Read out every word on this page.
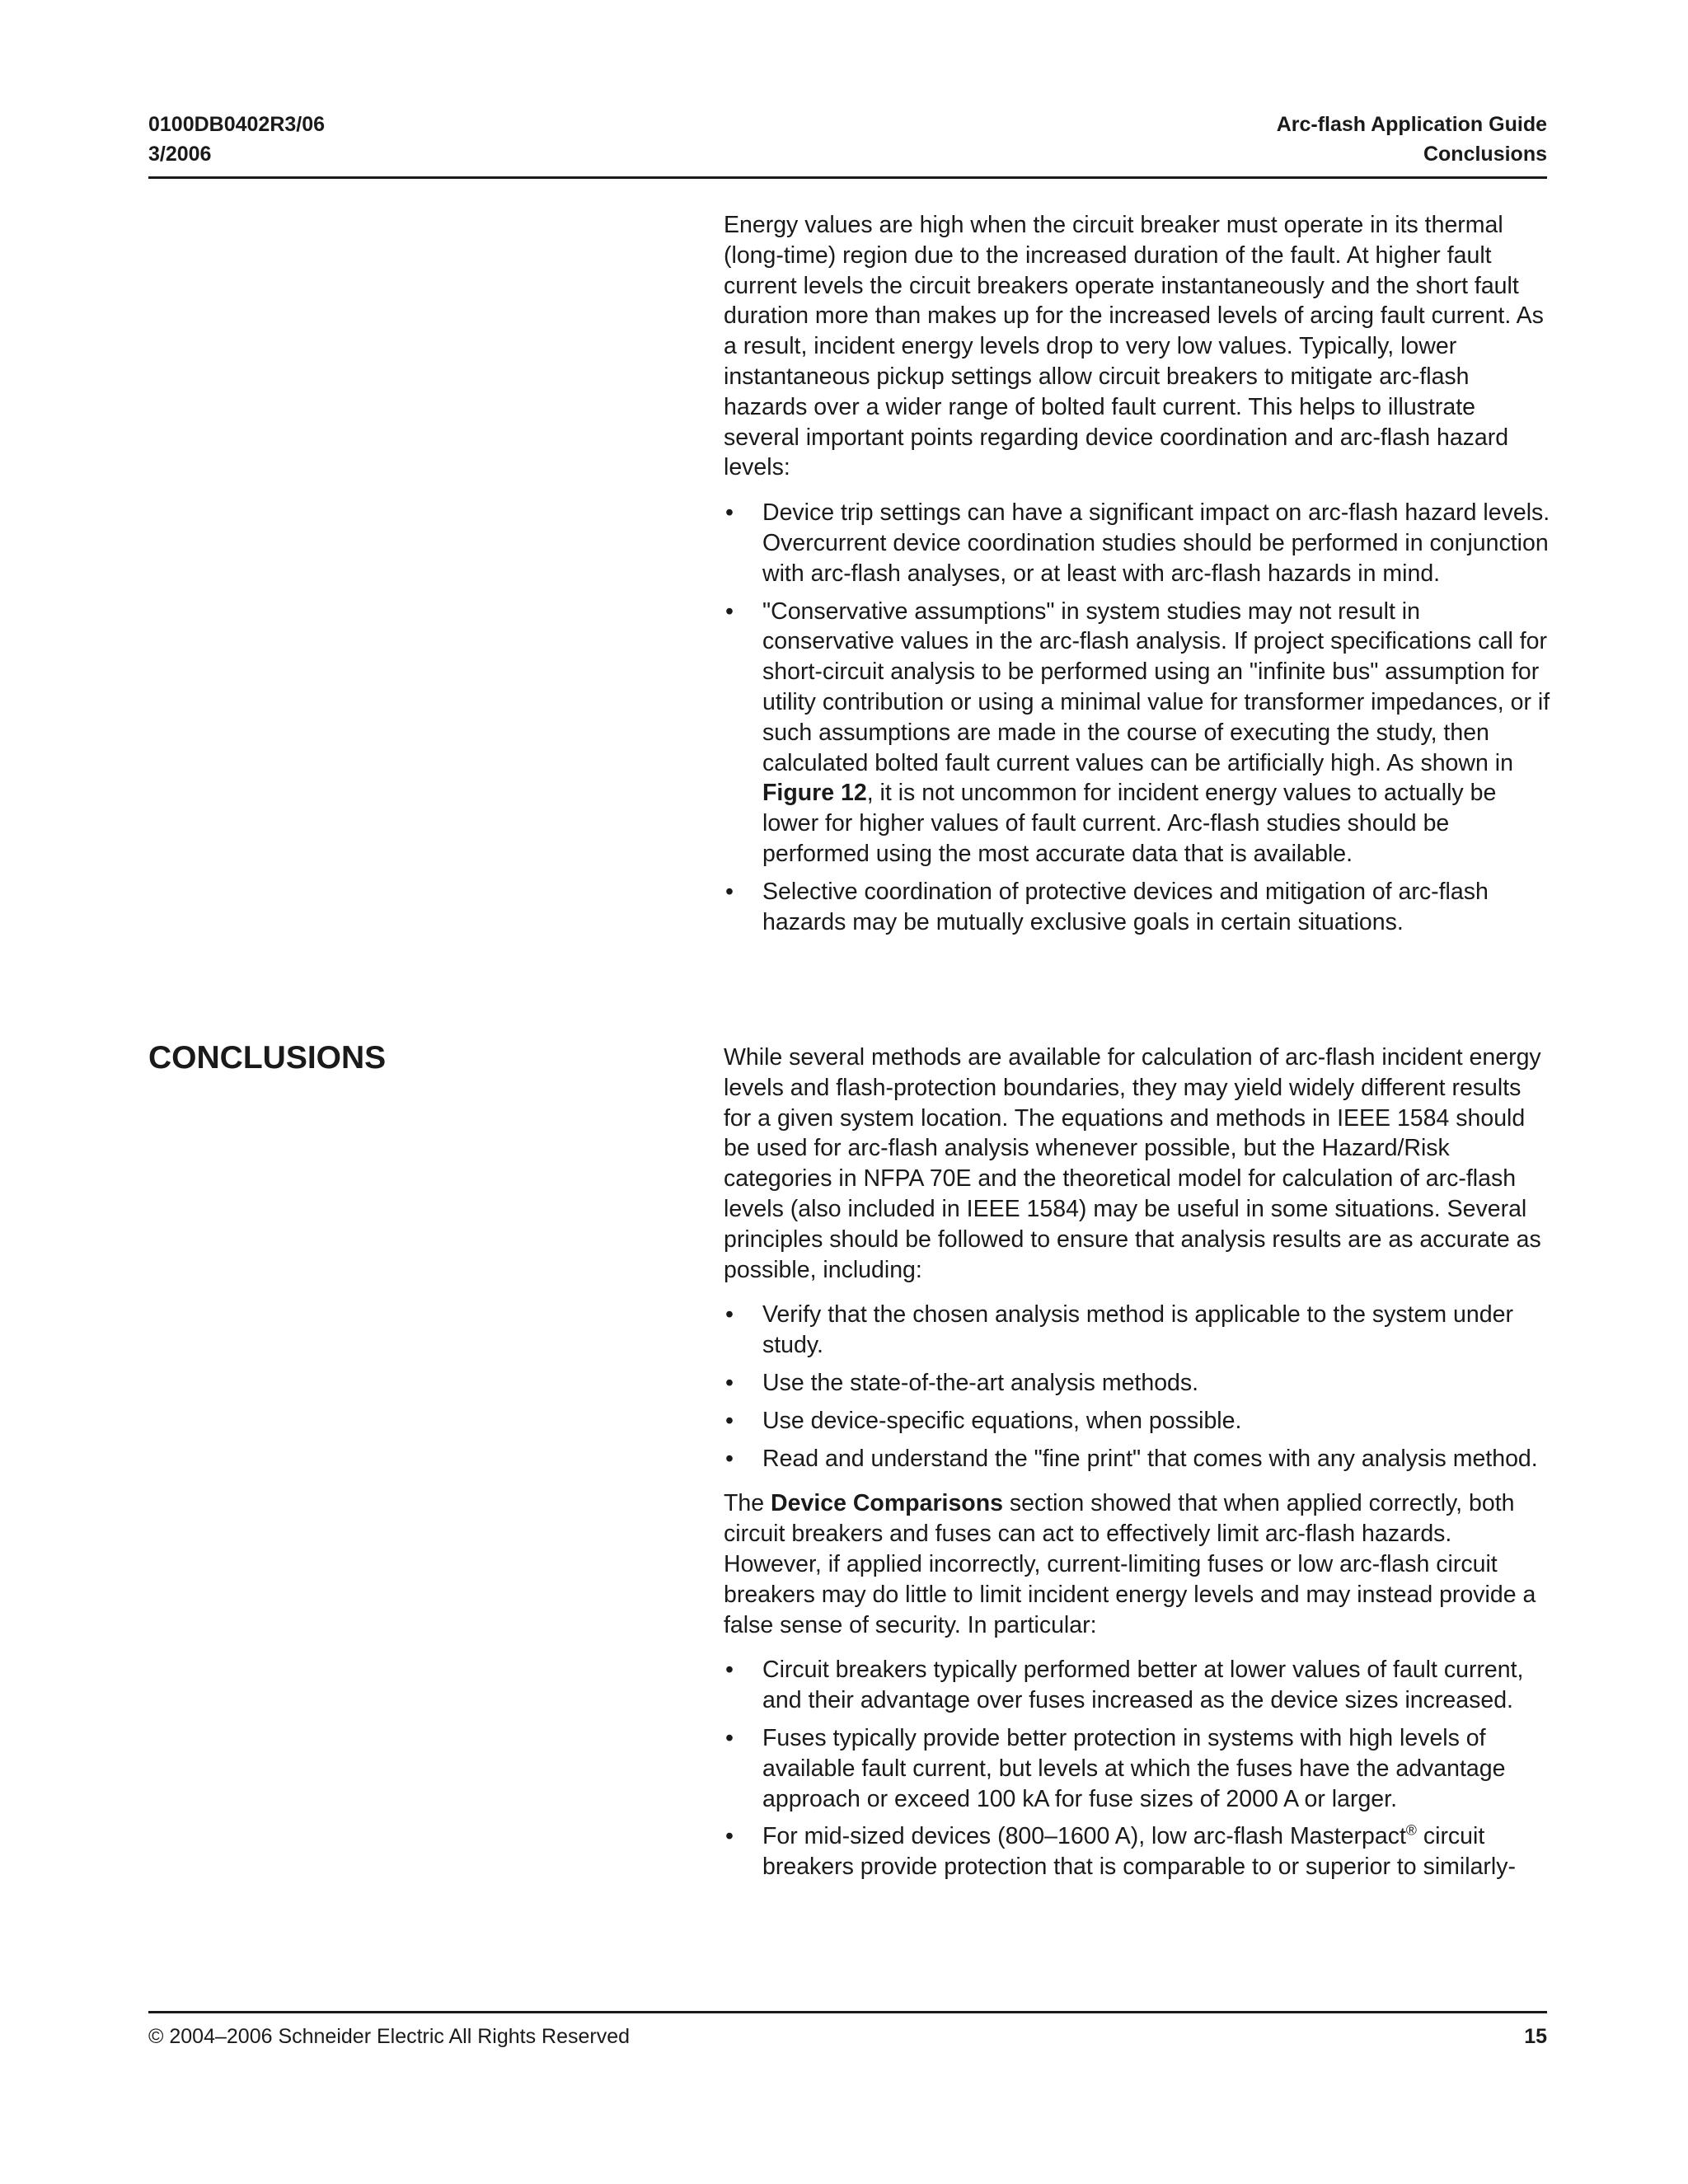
0100DB0402R3/06
3/2006
Arc-flash Application Guide
Conclusions

Energy values are high when the circuit breaker must operate in its thermal (long-time) region due to the increased duration of the fault. At higher fault current levels the circuit breakers operate instantaneously and the short fault duration more than makes up for the increased levels of arcing fault current. As a result, incident energy levels drop to very low values. Typically, lower instantaneous pickup settings allow circuit breakers to mitigate arc-flash hazards over a wider range of bolted fault current. This helps to illustrate several important points regarding device coordination and arc-flash hazard levels:

• Device trip settings can have a significant impact on arc-flash hazard levels. Overcurrent device coordination studies should be performed in conjunction with arc-flash analyses, or at least with arc-flash hazards in mind.
• "Conservative assumptions" in system studies may not result in conservative values in the arc-flash analysis. If project specifications call for short-circuit analysis to be performed using an "infinite bus" assumption for utility contribution or using a minimal value for transformer impedances, or if such assumptions are made in the course of executing the study, then calculated bolted fault current values can be artificially high. As shown in Figure 12, it is not uncommon for incident energy values to actually be lower for higher values of fault current. Arc-flash studies should be performed using the most accurate data that is available.
• Selective coordination of protective devices and mitigation of arc-flash hazards may be mutually exclusive goals in certain situations.
CONCLUSIONS	While several methods are available for calculation of arc-flash incident energy levels and flash-protection boundaries, they may yield widely different results for a given system location. The equations and methods in IEEE 1584 should be used for arc-flash analysis whenever possible, but the Hazard/Risk categories in NFPA 70E and the theoretical model for calculation of arc-flash levels (also included in IEEE 1584) may be useful in some situations. Several principles should be followed to ensure that analysis results are as accurate as possible, including:

• Verify that the chosen analysis method is applicable to the system under study.
• Use the state-of-the-art analysis methods.
• Use device-specific equations, when possible.
• Read and understand the "fine print" that comes with any analysis method.

The Device Comparisons section showed that when applied correctly, both circuit breakers and fuses can act to effectively limit arc-flash hazards. However, if applied incorrectly, current-limiting fuses or low arc-flash circuit breakers may do little to limit incident energy levels and may instead provide a false sense of security. In particular:

• Circuit breakers typically performed better at lower values of fault current, and their advantage over fuses increased as the device sizes increased.
• Fuses typically provide better protection in systems with high levels of available fault current, but levels at which the fuses have the advantage approach or exceed 100 kA for fuse sizes of 2000 A or larger.
• For mid-sized devices (800–1600 A), low arc-flash Masterpact® circuit breakers provide protection that is comparable to or superior to similarly-
© 2004–2006 Schneider Electric All Rights Reserved	15
